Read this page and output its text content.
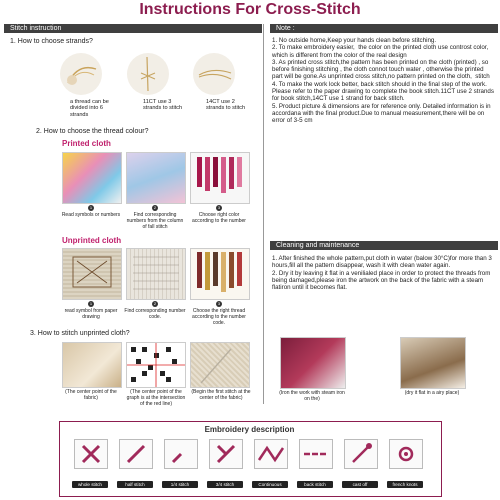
Instructions For Cross-Stitch
Stitch instruction
1. How to choose strands?
a thread can be divided into 6 strands
11CT use 3 strands to stitch
14CT use 2 strands to stitch
2. How to choose the thread colour?
Printed cloth
1	2	3
Read symbols or numbers	Find corresponding numbers from the column of fall stitch
Choose right color according to the number
Unprinted cloth
1	2	3
read symbol from paper drawing
Find corresponding number code.
Choose the right thread according to the number code.
3. How to stitch unprinted cloth?
(The center point of the fabric)
(The center point of the graph is at the intersection of the red line)
(Begin the first stitch at the center of the fabric)
Note :
1. No outside home,Keep your hands clean before stitching.
2. To make embroidery easier,  the color on the printed cloth use controst color, which is different from the color of the real design
3. As printed cross stitch,the pattern has been printed on the cloth (printed) , so before finishing stitching , the cloth connot touch water , otherwise the printed part will be gone.As unprinted cross stitch,no pattern printed on the cloth,  stitch
4. To make the work lock better, back stitch should in the final step of the work. Please refer to the paper drawing to complete the book stitch.11CT use 2 strands for book stitch,14CT use 1 strand for back stitch.
5. Product picture & dimensions are for reference only. Detailed information is in accordanа with the final product.Due to manual measurement,there will be on error of 3-5 cm
Cleaning and maintenance
1. After finished the whole pattern,put cloth in water (balow 30°C)for more than 3 hours,fill all the pattern disappear, wash it with clean water again.
2. Dry it by leaving it flat in a venilialed place in order to protect the threads from being damaged,please iron the artwork on the back of the fabric with a steam flatiron until it becomes flat.
(Iron the work with steam iron on the)
(dry it flat in a airy place)
Embroidery description
whole stitch	half stitch	1/4 stitch	3/4 stitch	Continuous	back stitch	cast off	french knots
